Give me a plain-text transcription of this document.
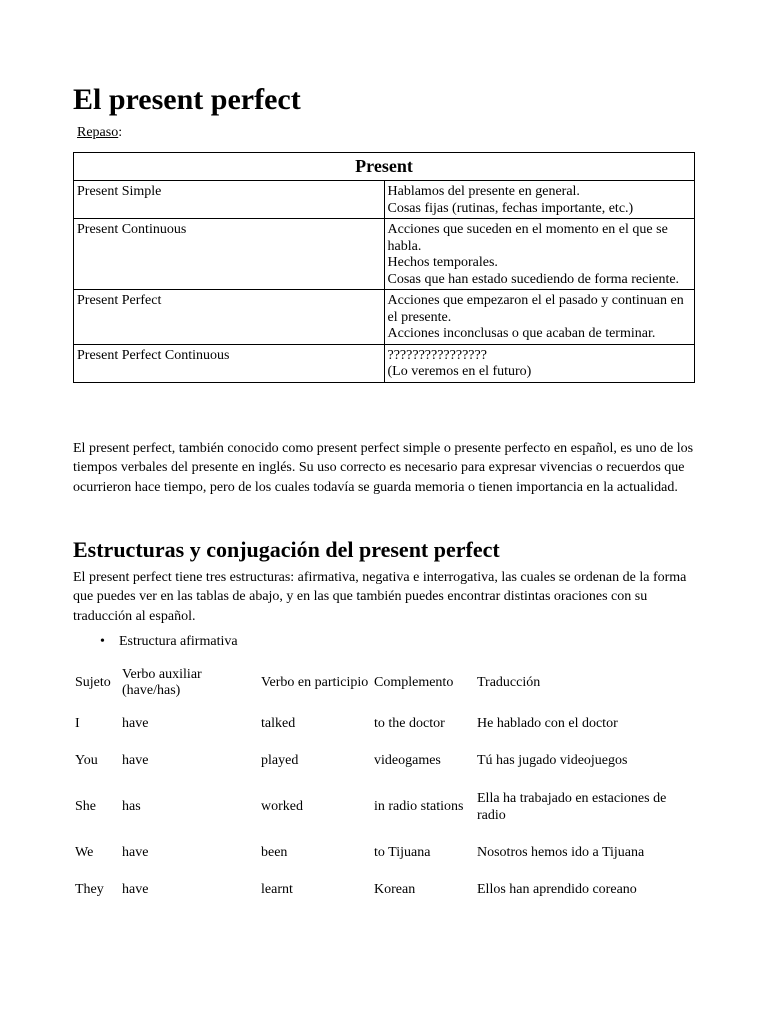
El present perfect

Repaso:

Present	
Present Simple	Hablamos del presente en general.
Cosas fijas (rutinas, fechas importante, etc.)

Present Continuous	Acciones que suceden en el momento en el que se habla.
Hechos temporales.
Cosas que han estado sucediendo de forma reciente.

Present Perfect	Acciones que empezaron el el pasado y continuan en el presente.
Acciones inconclusas o que acaban de terminar.

Present Perfect Continuous	????????????????
(Lo veremos en el futuro)

El present perfect, también conocido como present perfect simple o presente perfecto en español, es uno de los tiempos verbales del presente en inglés. Su uso correcto es necesario para expresar vivencias o recuerdos que ocurrieron hace tiempo, pero de los cuales todavía se guarda memoria o tienen importancia en la actualidad.

Estructuras y conjugación del present perfect

El present perfect tiene tres estructuras: afirmativa, negativa e interrogativa, las cuales se ordenan de la forma que puedes ver en las tablas de abajo, y en las que también puedes encontrar distintas oraciones con su traducción al español.

• Estructura afirmativa
Sujeto	Verbo auxiliar (have/has)	Verbo en participio	Complemento	Traducción
I	have	talked	to the doctor	He hablado con el doctor
You	have	played	videogames	Tú has jugado videojuegos
She	has	worked	in radio stations	Ella ha trabajado en estaciones de radio
We	have	been	to Tijuana	Nosotros hemos ido a Tijuana
They	have	learnt	Korean	Ellos han aprendido coreano
